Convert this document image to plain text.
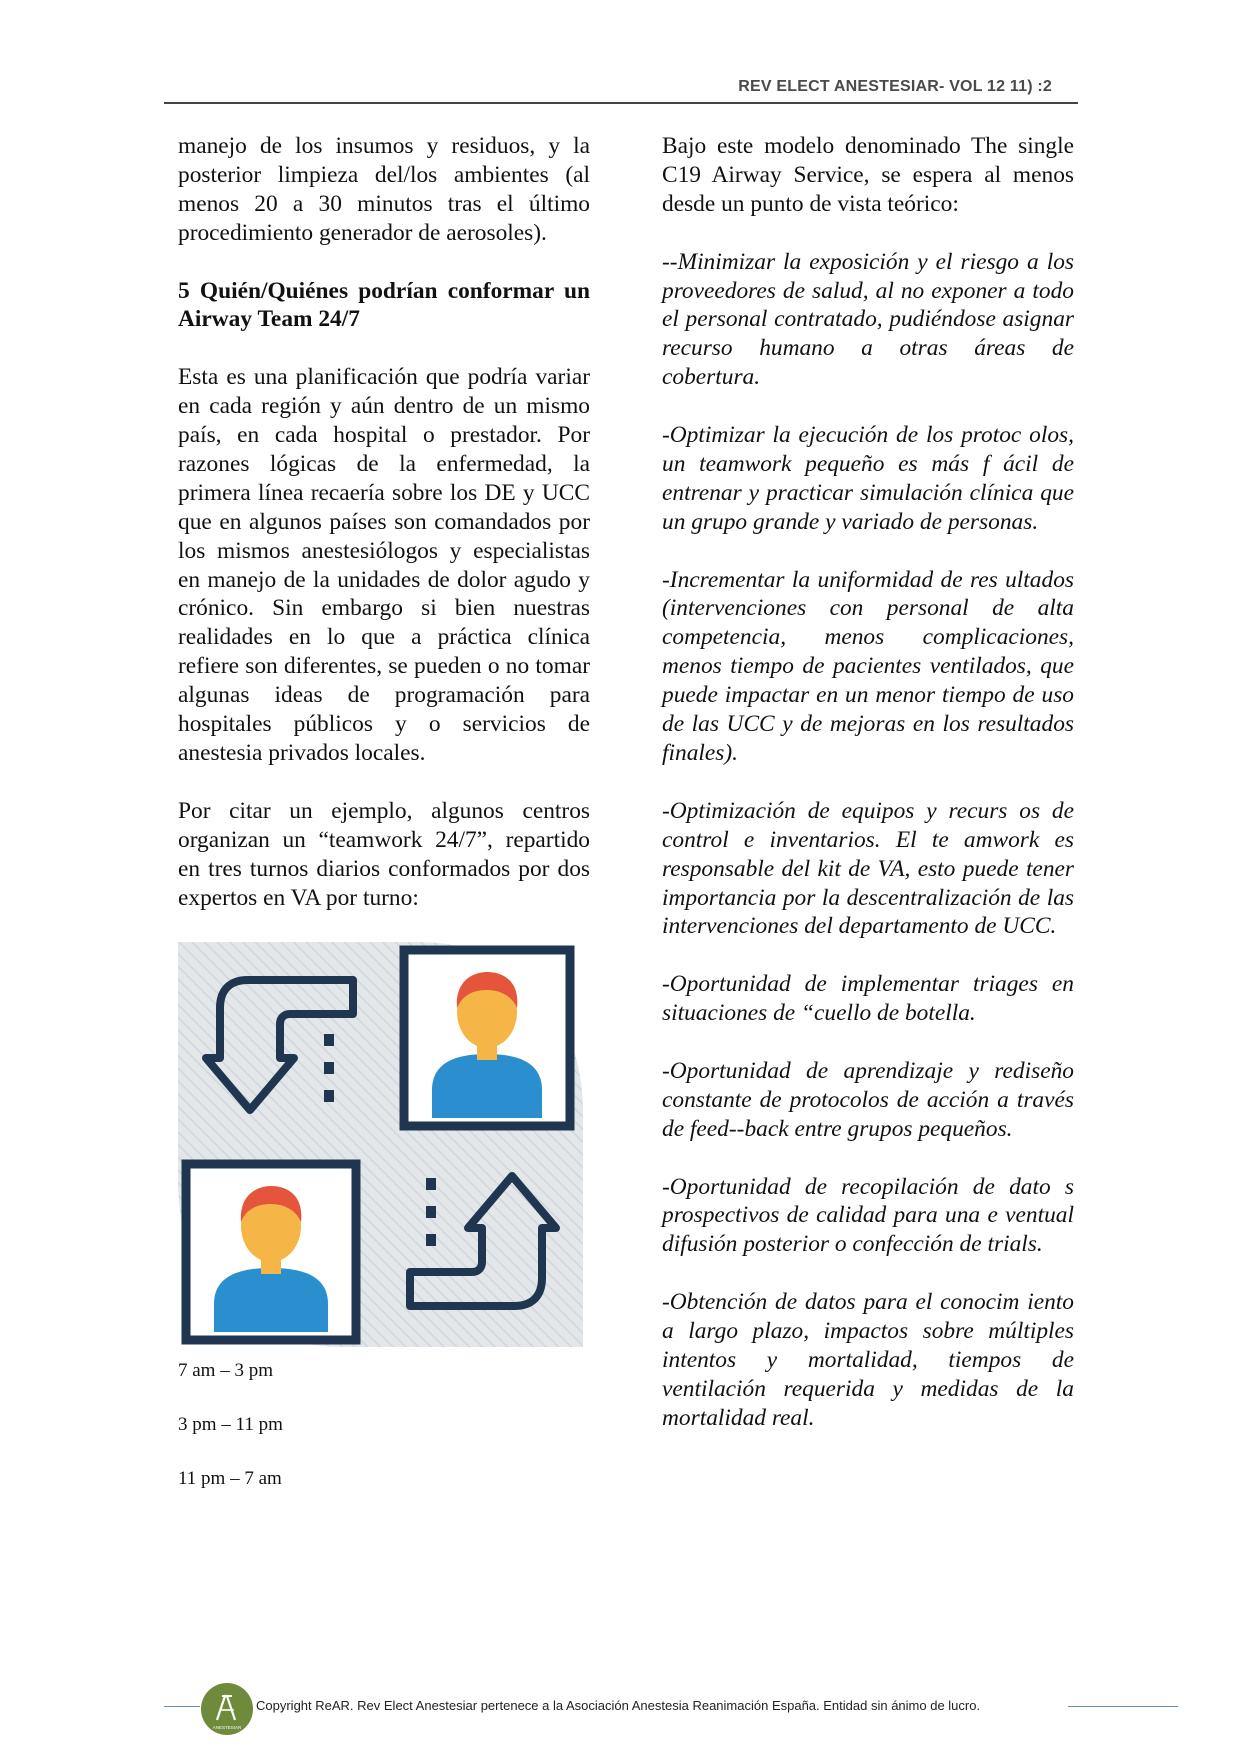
REV ELECT ANESTESIAR- VOL 12 11) :2

manejo de los insumos y residuos, y la posterior limpieza del/los ambientes (al menos 20 a 30 minutos tras el último procedimiento generador de aerosoles).

5 Quién/Quiénes podrían conformar un Airway Team 24/7

Esta es una planificación que podría variar en cada región y aún dentro de un mismo país, en cada hospital o prestador. Por razones lógicas de la enfermedad, la primera línea recaería sobre los DE y UCC que en algunos países son comandados por los mismos anestesiólogos y especialistas en manejo de la unidades de dolor agudo y crónico. Sin embargo si bien nuestras realidades en lo que a práctica clínica refiere son diferentes, se pueden o no tomar algunas ideas de programación para hospitales públicos y o servicios de anestesia privados locales.

Por citar un ejemplo, algunos centros organizan un “teamwork 24/7”, repartido en tres turnos diarios conformados por dos expertos en VA por turno:

7 am – 3 pm

3 pm – 11 pm

11 pm – 7 am

Bajo este modelo denominado The single C19 Airway Service, se espera al menos desde un punto de vista teórico:

--Minimizar la exposición y el riesgo a los proveedores de salud, al no exponer a todo el personal contratado, pudiéndose asignar recurso humano a otras áreas de cobertura.

-Optimizar la ejecución de los protoc olos, un teamwork pequeño es más f ácil de entrenar y practicar simulación clínica que un grupo grande y variado de personas.

-Incrementar la uniformidad de res ultados (intervenciones con personal de alta competencia, menos complicaciones, menos tiempo de pacientes ventilados, que puede impactar en un menor tiempo de uso de las UCC y de mejoras en los resultados finales).

-Optimización de equipos y recurs os de control e inventarios. El te amwork es responsable del kit de VA, esto puede tener importancia por la descentralización de las intervenciones del departamento de UCC.

-Oportunidad de implementar triages en situaciones de “cuello de botella.

-Oportunidad de aprendizaje y rediseño constante de protocolos de acción a través de feed--back entre grupos pequeños.

-Oportunidad de recopilación de dato s prospectivos de calidad para una e ventual difusión posterior o confección de trials.

-Obtención de datos para el conocim iento a largo plazo, impactos sobre múltiples intentos y mortalidad, tiempos de ventilación requerida y medidas de la mortalidad real.

ANESTESIAR
Copyright ReAR. Rev Elect Anestesiar pertenece a la Asociación Anestesia Reanimación España. Entidad sin ánimo de lucro.
